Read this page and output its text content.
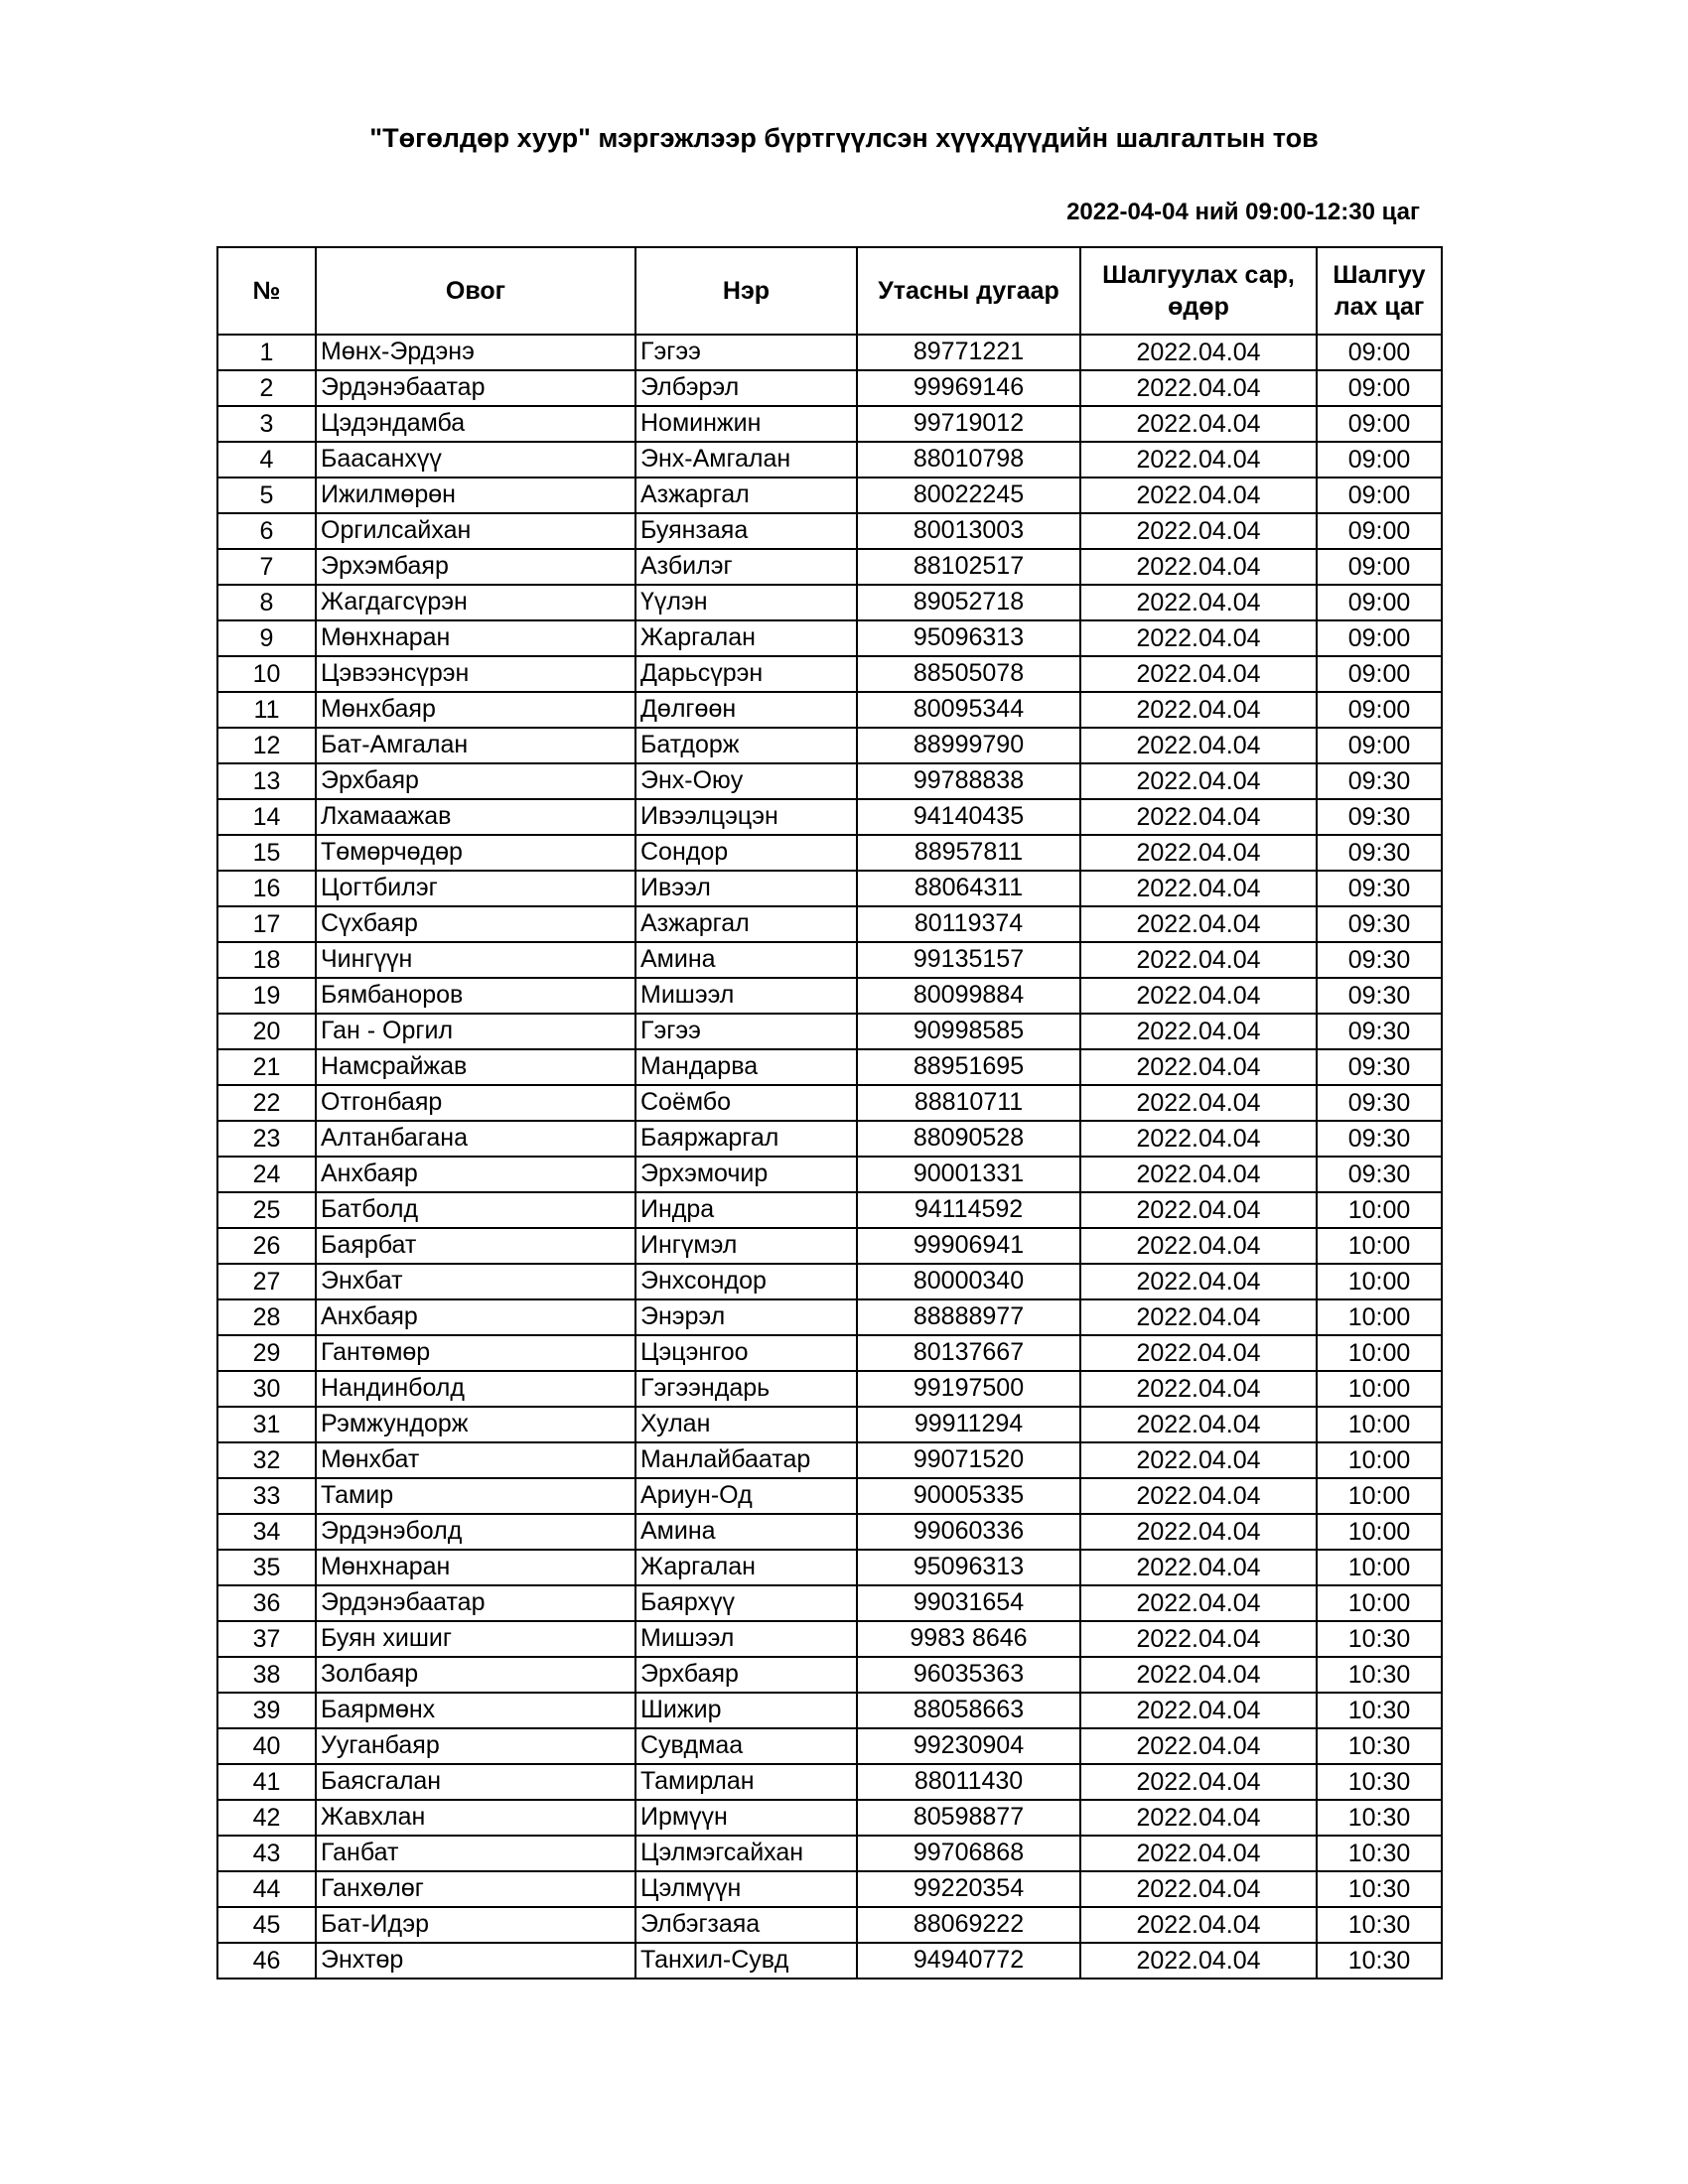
"Төгөлдөр хуур" мэргэжлээр бүртгүүлсэн хүүхдүүдийн шалгалтын тов
2022-04-04 ний 09:00-12:30 цаг
№	Овог	Нэр	Утасны дугаар	Шалгуулах сар, өдөр	Шалгуу лах цаг
1	Мөнх-Эрдэнэ	Гэгээ	89771221	2022.04.04	09:00
2	Эрдэнэбаатар	Элбэрэл	99969146	2022.04.04	09:00
3	Цэдэндамба	Номинжин	99719012	2022.04.04	09:00
4	Баасанхүү	Энх-Амгалан	88010798	2022.04.04	09:00
5	Ижилмөрөн	Азжаргал	80022245	2022.04.04	09:00
6	Оргилсайхан	Буянзаяа	80013003	2022.04.04	09:00
7	Эрхэмбаяр	Азбилэг	88102517	2022.04.04	09:00
8	Жагдагсүрэн	Үүлэн	89052718	2022.04.04	09:00
9	Мөнхнаран	Жаргалан	95096313	2022.04.04	09:00
10	Цэвээнсүрэн	Дарьсүрэн	88505078	2022.04.04	09:00
11	Мөнхбаяр	Дөлгөөн	80095344	2022.04.04	09:00
12	Бат-Амгалан	Батдорж	88999790	2022.04.04	09:00
13	Эрхбаяр	Энх-Оюу	99788838	2022.04.04	09:30
14	Лхамаажав	Ивээлцэцэн	94140435	2022.04.04	09:30
15	Төмөрчөдөр	Сондор	88957811	2022.04.04	09:30
16	Цогтбилэг	Ивээл	88064311	2022.04.04	09:30
17	Сүхбаяр	Азжаргал	80119374	2022.04.04	09:30
18	Чингүүн	Амина	99135157	2022.04.04	09:30
19	Бямбаноров	Мишээл	80099884	2022.04.04	09:30
20	Ган - Оргил	Гэгээ	90998585	2022.04.04	09:30
21	Намсрайжав	Мандарва	88951695	2022.04.04	09:30
22	Отгонбаяр	Соёмбо	88810711	2022.04.04	09:30
23	Алтанбагана	Баяржаргал	88090528	2022.04.04	09:30
24	Анхбаяр	Эрхэмочир	90001331	2022.04.04	09:30
25	Батболд	Индра	94114592	2022.04.04	10:00
26	Баярбат	Ингүмэл	99906941	2022.04.04	10:00
27	Энхбат	Энхсондор	80000340	2022.04.04	10:00
28	Анхбаяр	Энэрэл	88888977	2022.04.04	10:00
29	Гантөмөр	Цэцэнгоо	80137667	2022.04.04	10:00
30	Нандинболд	Гэгээндарь	99197500	2022.04.04	10:00
31	Рэмжундорж	Хулан	99911294	2022.04.04	10:00
32	Мөнхбат	Манлайбаатар	99071520	2022.04.04	10:00
33	Тамир	Ариун-Од	90005335	2022.04.04	10:00
34	Эрдэнэболд	Амина	99060336	2022.04.04	10:00
35	Мөнхнаран	Жаргалан	95096313	2022.04.04	10:00
36	Эрдэнэбаатар	Баярхүү	99031654	2022.04.04	10:00
37	Буян хишиг	Мишээл	9983 8646	2022.04.04	10:30
38	Золбаяр	Эрхбаяр	96035363	2022.04.04	10:30
39	Баярмөнх	Шижир	88058663	2022.04.04	10:30
40	Ууганбаяр	Сувдмаа	99230904	2022.04.04	10:30
41	Баясгалан	Тамирлан	88011430	2022.04.04	10:30
42	Жавхлан	Ирмүүн	80598877	2022.04.04	10:30
43	Ганбат	Цэлмэгсайхан	99706868	2022.04.04	10:30
44	Ганхөлөг	Цэлмүүн	99220354	2022.04.04	10:30
45	Бат-Идэр	Элбэгзаяа	88069222	2022.04.04	10:30
46	Энхтөр	Танхил-Сувд	94940772	2022.04.04	10:30
